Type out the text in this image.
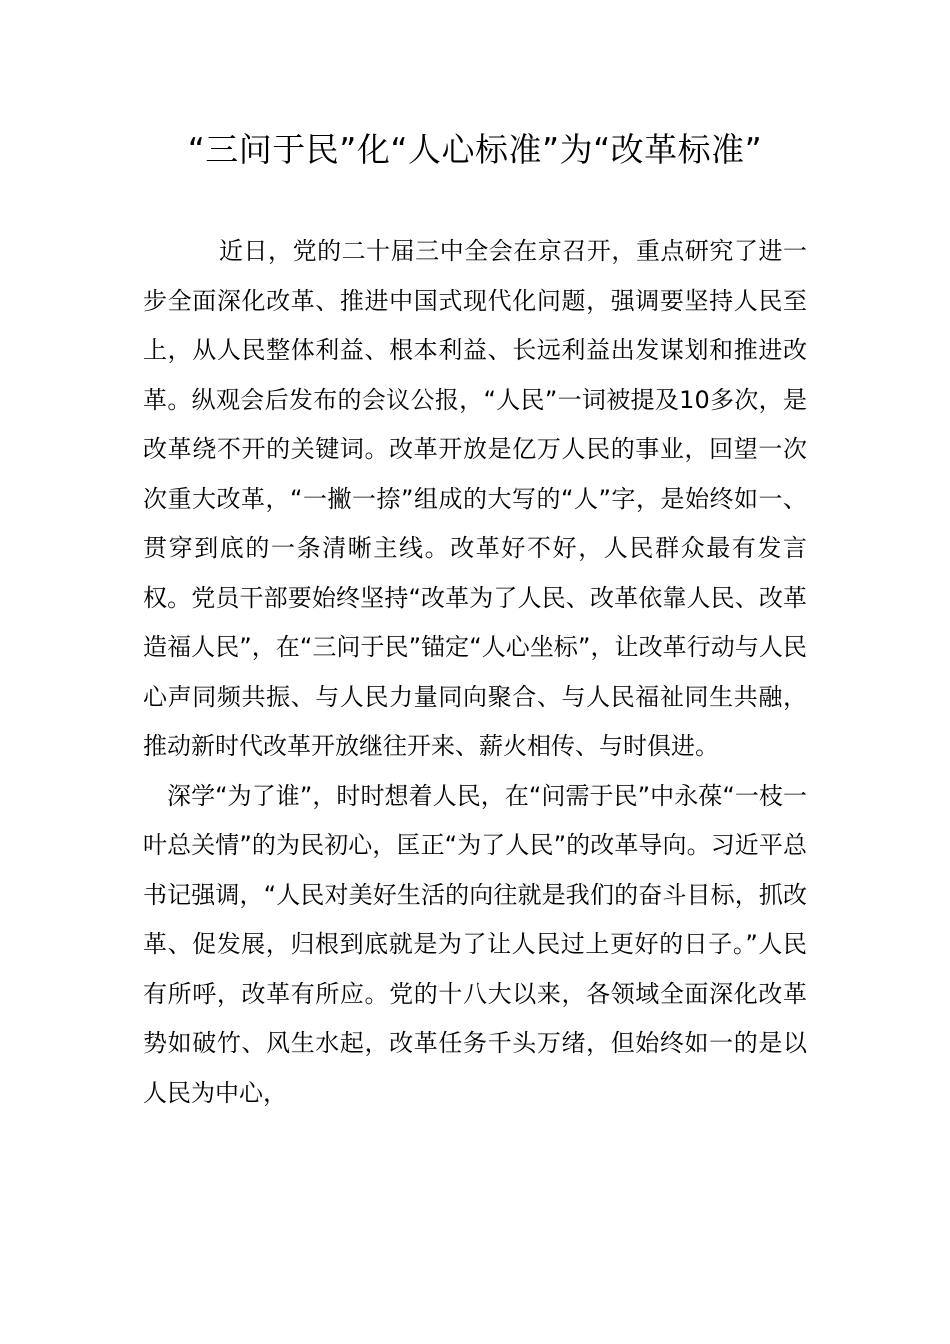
“三问于民”化“人心标准”为“改革标准”

近日，党的二十届三中全会在京召开，重点研究了进一步全面深化改革、推进中国式现代化问题，强调要坚持人民至上，从人民整体利益、根本利益、长远利益出发谋划和推进改革。纵观会后发布的会议公报，“人民”一词被提及10多次，是改革绕不开的关键词。改革开放是亿万人民的事业，回望一次次重大改革，“一撇一捺”组成的大写的“人”字，是始终如一、贯穿到底的一条清晰主线。改革好不好，人民群众最有发言权。党员干部要始终坚持“改革为了人民、改革依靠人民、改革造福人民”，在“三问于民”锚定“人心坐标”，让改革行动与人民心声同频共振、与人民力量同向聚合、与人民福祉同生共融，推动新时代改革开放继往开来、薪火相传、与时俱进。

深学“为了谁”，时时想着人民，在“问需于民”中永葆“一枝一叶总关情”的为民初心，匡正“为了人民”的改革导向。习近平总书记强调，“人民对美好生活的向往就是我们的奋斗目标，抓改革、促发展，归根到底就是为了让人民过上更好的日子。”人民有所呼，改革有所应。党的十八大以来，各领域全面深化改革势如破竹、风生水起，改革任务千头万绪，但始终如一的是以人民为中心，
